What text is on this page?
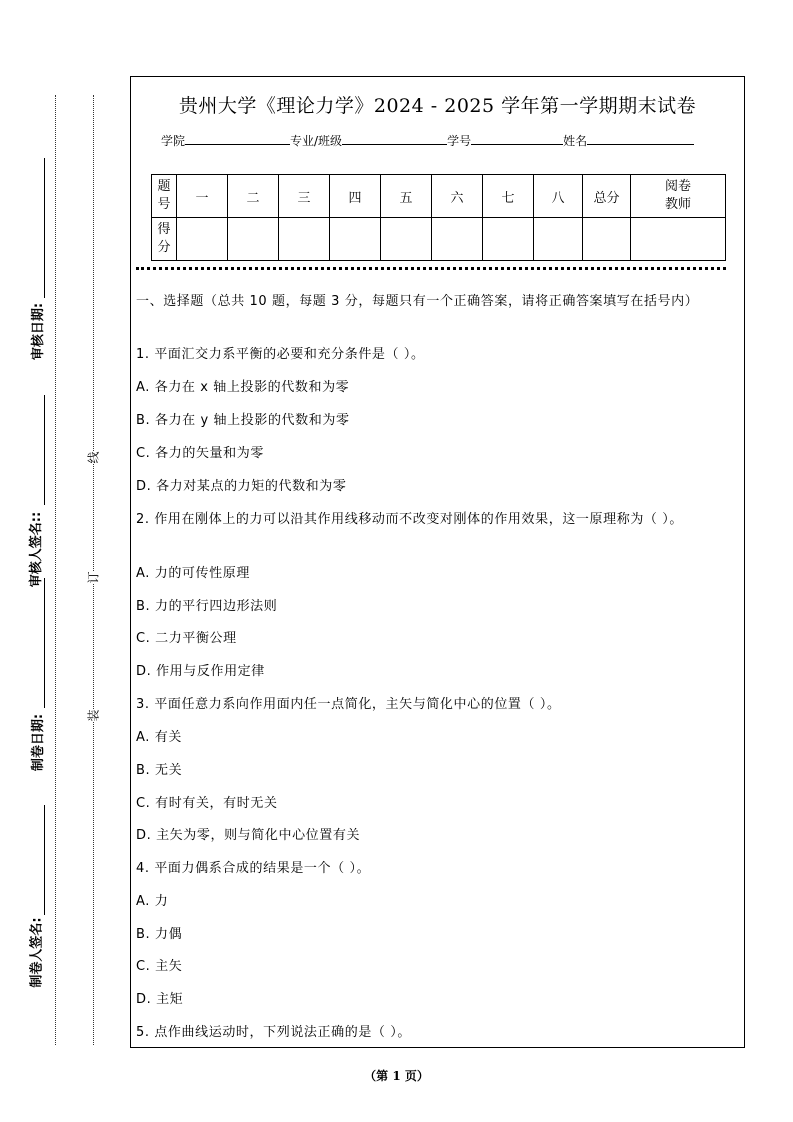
审核日期:
审核人签名::
制卷日期:
制卷人签名:
线
订
装
贵州大学《理论力学》2024 - 2025 学年第一学期期末试卷
学院	专业/班级	学号	姓名
题号	一	二	三	四	五	六	七	八	总分	阅卷
教师

得分										
一、选择题（总共 10 题，每题 3 分，每题只有一个正确答案，请将正确答案填写在括号内）
1. 平面汇交力系平衡的必要和充分条件是（ ）。
A. 各力在 x 轴上投影的代数和为零
B. 各力在 y 轴上投影的代数和为零
C. 各力的矢量和为零
D. 各力对某点的力矩的代数和为零
2. 作用在刚体上的力可以沿其作用线移动而不改变对刚体的作用效果，这一原理称为（ ）。
A. 力的可传性原理
B. 力的平行四边形法则
C. 二力平衡公理
D. 作用与反作用定律
3. 平面任意力系向作用面内任一点简化，主矢与简化中心的位置（ ）。
A. 有关
B. 无关
C. 有时有关，有时无关
D. 主矢为零，则与简化中心位置有关
4. 平面力偶系合成的结果是一个（ ）。
A. 力
B. 力偶
C. 主矢
D. 主矩
5. 点作曲线运动时，下列说法正确的是（ ）。
（第 1 页）
